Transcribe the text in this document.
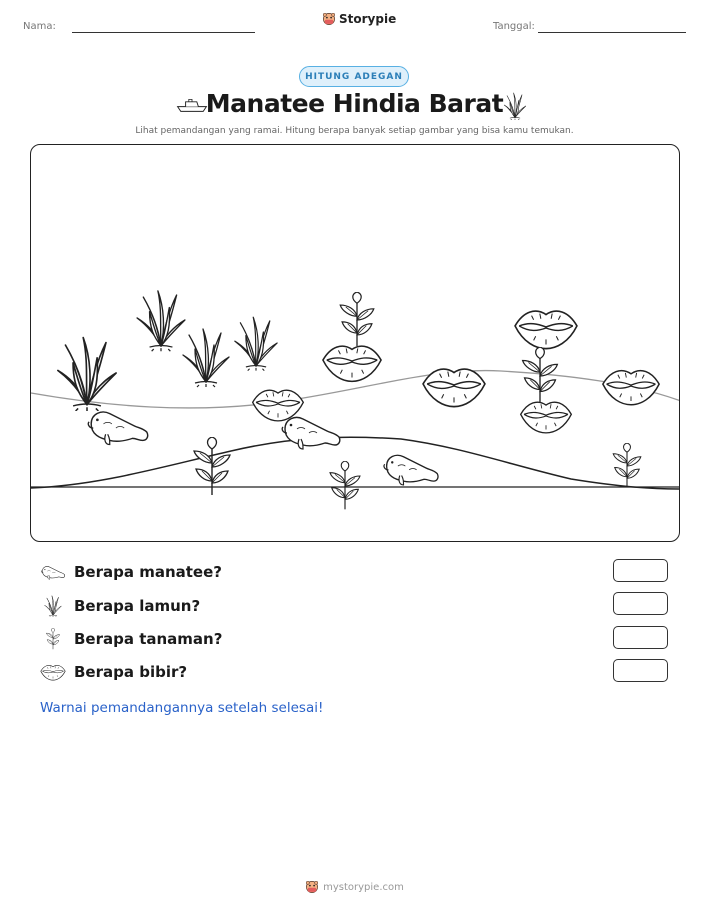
Nama:
Storypie
Tanggal:
HITUNG ADEGAN
Manatee Hindia Barat
Lihat pemandangan yang ramai. Hitung berapa banyak setiap gambar yang bisa kamu temukan.
Berapa manatee?
Berapa lamun?
Berapa tanaman?
Berapa bibir?
Warnai pemandangannya setelah selesai!
mystorypie.com
